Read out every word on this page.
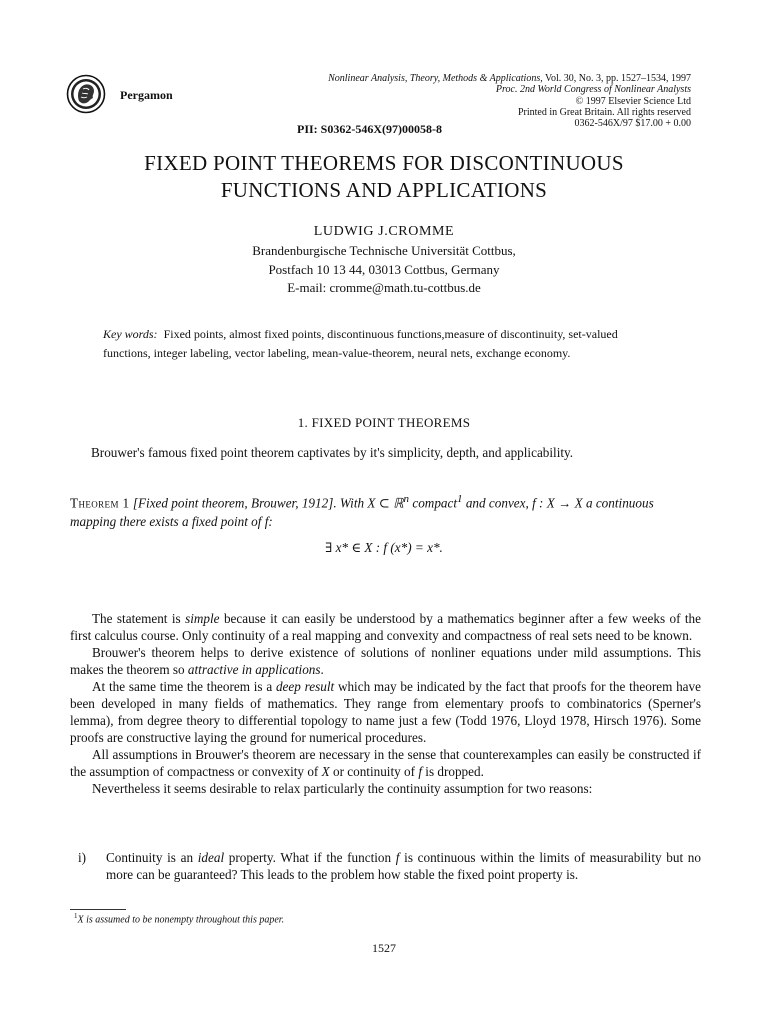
Pergamon
Nonlinear Analysis, Theory, Methods & Applications, Vol. 30, No. 3, pp. 1527–1534, 1997
Proc. 2nd World Congress of Nonlinear Analysts
© 1997 Elsevier Science Ltd
Printed in Great Britain. All rights reserved
0362-546X/97 $17.00 + 0.00
PII: S0362-546X(97)00058-8
FIXED POINT THEOREMS FOR DISCONTINUOUS
FUNCTIONS AND APPLICATIONS
LUDWIG J.CROMME
Brandenburgische Technische Universität Cottbus,
Postfach 10 13 44, 03013 Cottbus, Germany
E-mail: cromme@math.tu-cottbus.de
Key words: Fixed points, almost fixed points, discontinuous functions,measure of discontinuity, set-valued functions, integer labeling, vector labeling, mean-value-theorem, neural nets, exchange economy.
1. FIXED POINT THEOREMS
Brouwer's famous fixed point theorem captivates by it's simplicity, depth, and applicability.
Theorem 1 [Fixed point theorem, Brouwer, 1912]. With X ⊂ ℝ$^n$ compact$^1$ and convex, f : X → X a continuous mapping there exists a fixed point of f:
∃ x* ∈ X : f (x*) = x*.

The statement is simple because it can easily be understood by a mathematics beginner after a few weeks of the first calculus course. Only continuity of a real mapping and convexity and compactness of real sets need to be known.

Brouwer's theorem helps to derive existence of solutions of nonliner equations under mild assumptions. This makes the theorem so attractive in applications.

At the same time the theorem is a deep result which may be indicated by the fact that proofs for the theorem have been developed in many fields of mathematics. They range from elementary proofs to combinatorics (Sperner's lemma), from degree theory to differential topology to name just a few (Todd 1976, Lloyd 1978, Hirsch 1976). Some proofs are constructive laying the ground for numerical procedures.

All assumptions in Brouwer's theorem are necessary in the sense that counterexamples can easily be constructed if the assumption of compactness or convexity of X or continuity of f is dropped.

Nevertheless it seems desirable to relax particularly the continuity assumption for two reasons:

i)	Continuity is an ideal property. What if the function f is continuous within the limits of measurability but no more can be guaranteed? This leads to the problem how stable the fixed point property is.
$^1$X is assumed to be nonempty throughout this paper.
1527
